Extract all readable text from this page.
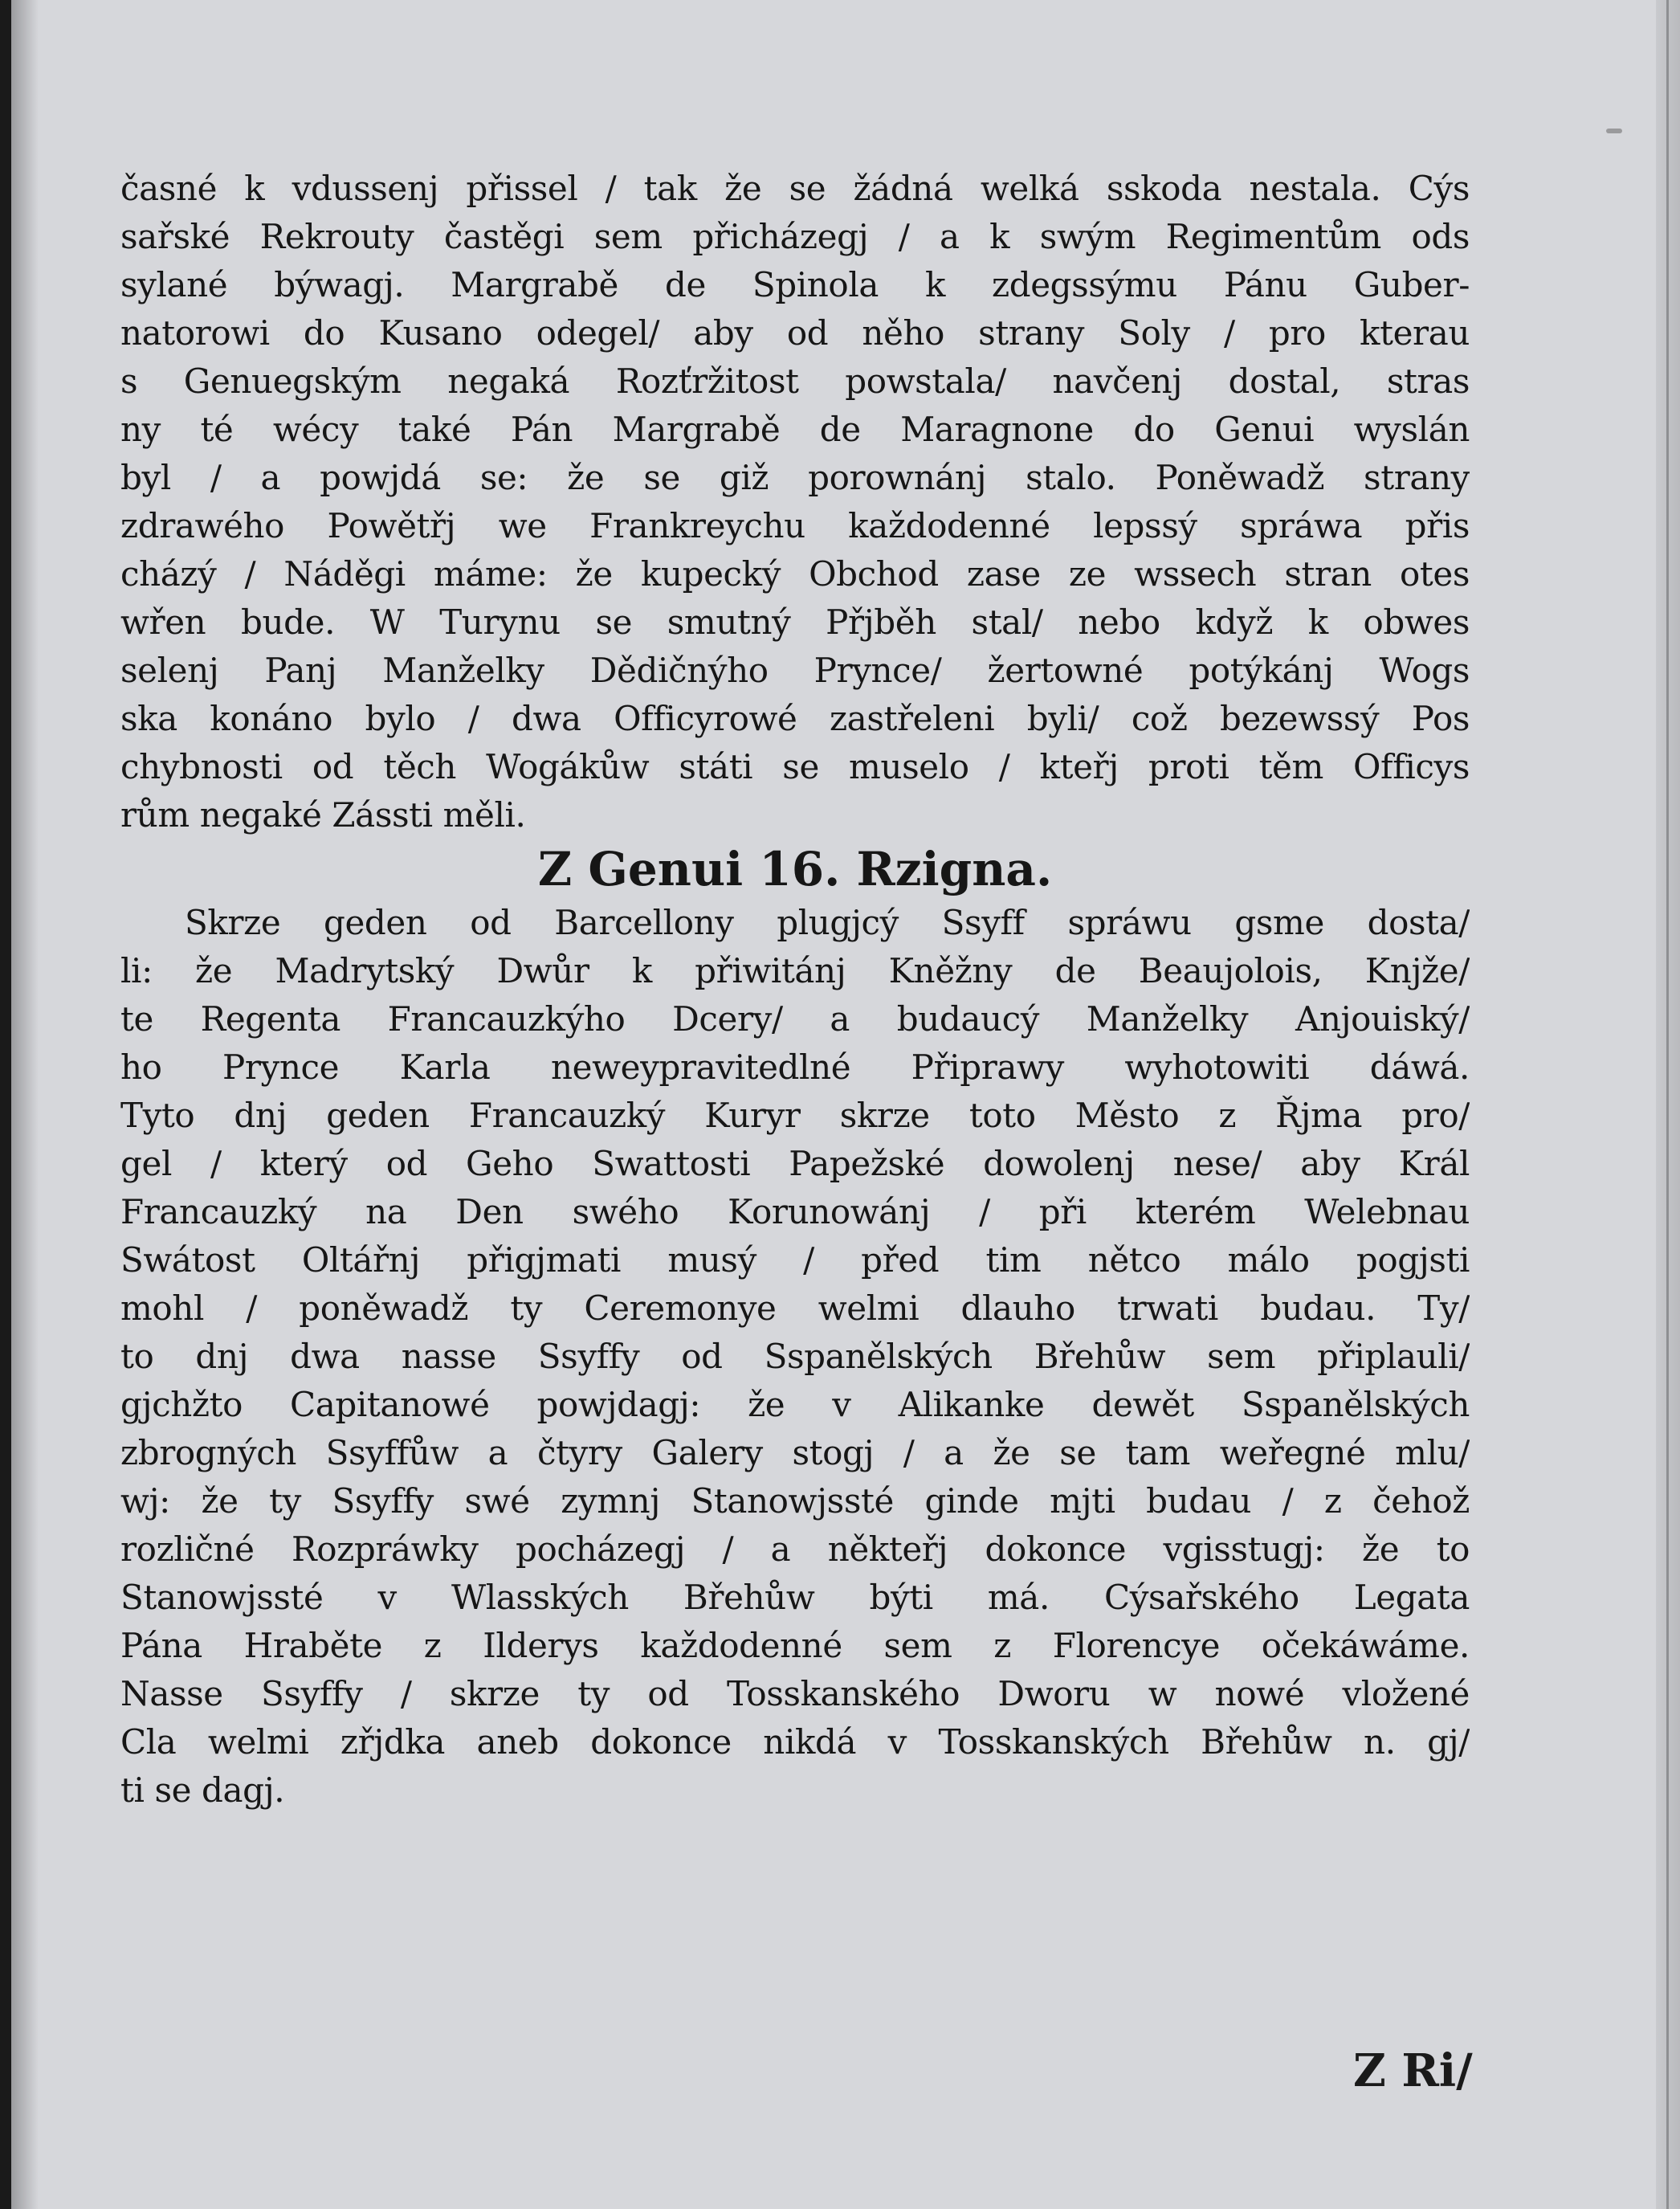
časné k vdussenj přissel / tak že se žádná welká sskoda nestala. Cýs
sařské Rekrouty častěgi sem přicházegj / a k swým Regimentům ods
sylané býwagj. Margrabě de Spinola k zdegssýmu Pánu Guber-
natorowi do Kusano odegel/ aby od něho strany Soly / pro kterau
s Genuegským negaká Rozťržitost powstala/ navčenj dostal, stras
ny té wécy také Pán Margrabě de Maragnone do Genui wyslán
byl / a powjdá se: že se giž porownánj stalo. Poněwadž strany
zdrawého Powětřj we Frankreychu každodenné lepssý spráwa přis
cházý / Náděgi máme: že kupecký Obchod zase ze wssech stran otes
wřen bude. W Turynu se smutný Přjběh stal/ nebo když k obwes
selenj Panj Manželky Dědičnýho Prynce/ žertowné potýkánj Wogs
ska konáno bylo / dwa Officyrowé zastřeleni byli/ což bezewssý Pos
chybnosti od těch Wogákůw státi se muselo / kteřj proti těm Officys
rům negaké Zássti měli.
Z Genui 16. Rzigna.
Skrze geden od Barcellony plugjcý Ssyff spráwu gsme dosta/
li: že Madrytský Dwůr k přiwitánj Kněžny de Beaujolois, Knjže/
te Regenta Francauzkýho Dcery/ a budaucý Manželky Anjouiský/
ho Prynce Karla neweypravitedlné Připrawy wyhotowiti dáwá.
Tyto dnj geden Francauzký Kuryr skrze toto Město z Řjma pro/
gel / který od Geho Swattosti Papežské dowolenj nese/ aby Král
Francauzký na Den swého Korunowánj / při kterém Welebnau
Swátost Oltářnj přigjmati musý / před tim nětco málo pogjsti
mohl / poněwadž ty Ceremonye welmi dlauho trwati budau. Ty/
to dnj dwa nasse Ssyffy od Sspanělských Břehůw sem připlauli/
gjchžto Capitanowé powjdagj: že v Alikanke dewět Sspanělských
zbrogných Ssyffůw a čtyry Galery stogj / a že se tam weřegné mlu/
wj: že ty Ssyffy swé zymnj Stanowjssté ginde mjti budau / z čehož
rozličné Rozpráwky pocházegj / a někteřj dokonce vgisstugj: že to
Stanowjssté v Wlasských Břehůw býti má. Cýsařského Legata
Pána Hraběte z Ilderys každodenné sem z Florencye očekáwáme.
Nasse Ssyffy / skrze ty od Tosskanského Dworu w nowé vložené
Cla welmi zřjdka aneb dokonce nikdá v Tosskanských Břehůw n. gj/
ti se dagj.
Z Ri/
